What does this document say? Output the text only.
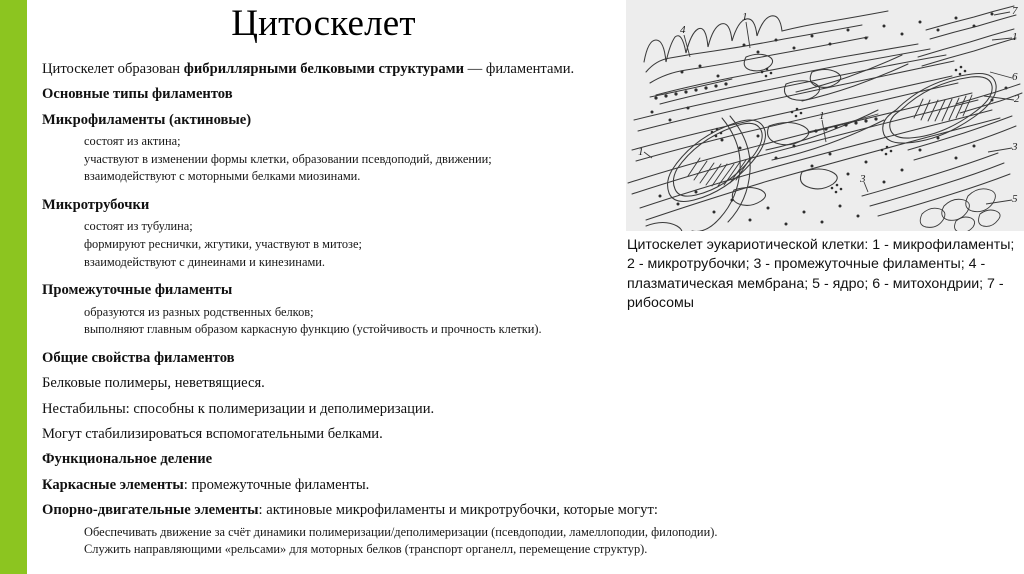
Цитоскелет
Цитоскелет образован фибриллярными белковыми структурами — филаментами.
Основные типы филаментов
Микрофиламенты (актиновые)
состоят из актина;
участвуют в изменении формы клетки, образовании псевдоподий, движении;
взаимодействуют с моторными белками миозинами.
Микротрубочки
состоят из тубулина;
формируют реснички, жгутики, участвуют в митозе;
взаимодействуют с динеинами и кинезинами.
Промежуточные филаменты
образуются из разных родственных белков;
выполняют главным образом каркасную функцию (устойчивость и прочность клетки).
Общие свойства филаментов
Белковые полимеры, неветвящиеся.
Нестабильны: способны к полимеризации и деполимеризации.
Могут стабилизироваться вспомогательными белками.
Функциональное деление
Каркасные элементы: промежуточные филаменты.
Опорно-двигательные элементы: актиновые микрофиламенты и микротрубочки, которые могут:
Обеспечивать движение за счёт динамики полимеризации/деполимеризации (псевдоподии, ламеллоподии, филоподии).
Служить направляющими «рельсами» для моторных белков (транспорт органелл, перемещение структур).
4
1	7
1
6
2
3
5
1
1
3
Цитоскелет эукариотической клетки: 1 - микрофиламенты; 2 - микротрубочки; 3 - промежуточные филаменты; 4 - плазматическая мембрана; 5 - ядро; 6 - митохондрии; 7 - рибосомы
